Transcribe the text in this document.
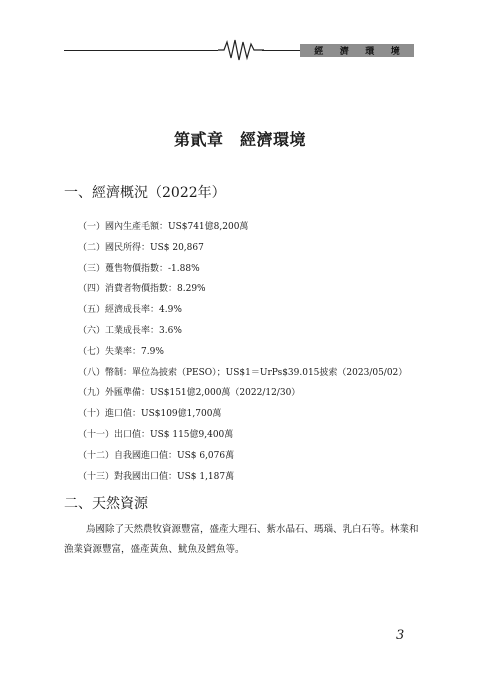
經 濟 環 境
第貳章　經濟環境
一、經濟概況（2022年）
（一）國內生產毛額：US$741億8,200萬
（二）國民所得：US$ 20,867
（三）躉售物價指數：-1.88%
（四）消費者物價指數：8.29%
（五）經濟成長率：4.9%
（六）工業成長率：3.6%
（七）失業率：7.9%
（八）幣制：單位為披索（PESO）；US$1＝UrPs$39.015披索（2023/05/02）
（九）外匯準備：US$151億2,000萬（2022/12/30）
（十）進口值：US$109億1,700萬
（十一）出口值：US$ 115億9,400萬
（十二）自我國進口值：US$ 6,076萬
（十三）對我國出口值：US$ 1,187萬
二、天然資源

烏國除了天然農牧資源豐富，盛產大理石、紫水晶石、瑪瑙、乳白石等。林業和漁業資源豐富，盛產黃魚、魷魚及鱈魚等。

3
